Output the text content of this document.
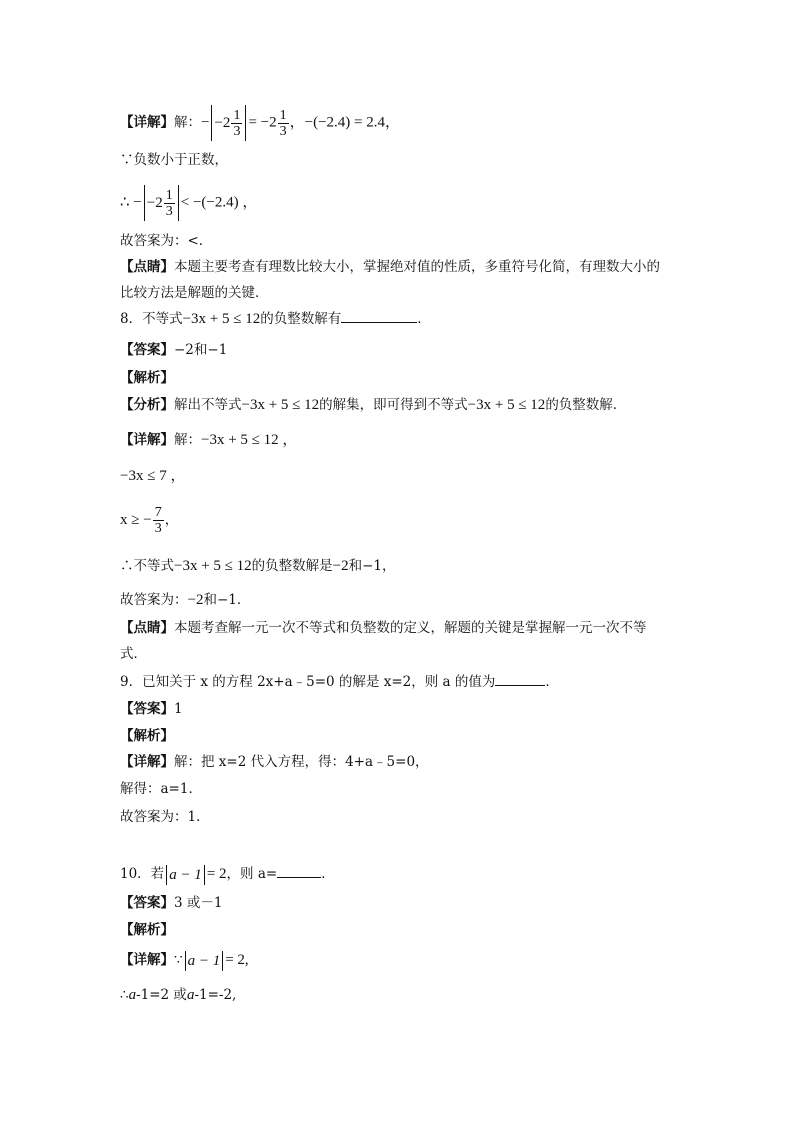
【详解】解：− $-2 \frac{1}{3} = -2 \frac{1}{3}$ ，−(−2.4) = 2.4，
∵负数小于正数，
∴ − $-2 \frac{1}{3} < -(-2.4)$ ，
故答案为：<．
【点睛】本题主要考查有理数比较大小，掌握绝对值的性质，多重符号化简，有理数大小的
比较方法是解题的关键．
8．不等式−3x + 5 ≤ 12的负整数解有	．
【答案】−2和−1
【解析】
【分析】解出不等式−3x + 5 ≤ 12的解集，即可得到不等式−3x + 5 ≤ 12的负整数解．
【详解】解：−3x + 5 ≤ 12 ，
−3x ≤ 7 ，
x ≥ − $\frac{7}{3}$ ，
∴不等式−3x + 5 ≤ 12的负整数解是−2和−1，
故答案为：−2和−1．
【点睛】本题考查解一元一次不等式和负整数的定义，解题的关键是掌握解一元一次不等
式．
9．已知关于 x 的方程 2x+a﹣5=0 的解是 x=2，则 a 的值为	．
【答案】1
【解析】
【详解】解：把 x=2 代入方程，得：4+a﹣5=0，
解得：a=1．
故答案为：1．
10．若 a − 1 = 2，则 a=	．
【答案】3 或－1
【解析】
【详解】∵ a − 1 = 2,
∴a-1=2 或a-1=-2,
